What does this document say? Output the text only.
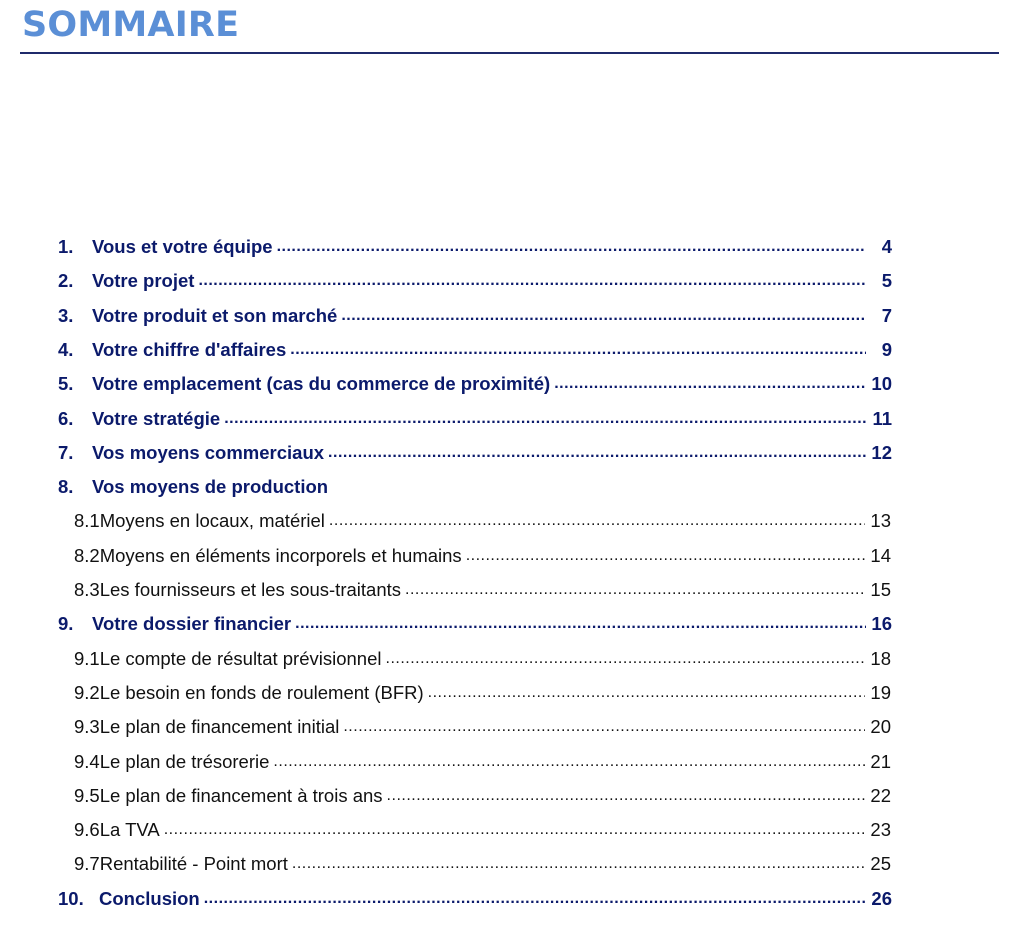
SOMMAIRE
1.	Vous et votre équipe .....	4
2.	Votre projet .....	5
3.	Votre produit et son marché .....	7
4.	Votre chiffre d'affaires .....	9
5.	Votre emplacement (cas du commerce de proximité) .....	10
6.	Votre stratégie .....	11
7.	Vos moyens commerciaux .....	12
8.	Vos moyens de production
8.1 Moyens en locaux, matériel .....	13
8.2 Moyens en éléments incorporels et humains .....	14
8.3 Les fournisseurs et les sous-traitants .....	15
9.	Votre dossier financier .....	16
9.1 Le compte de résultat prévisionnel .....	18
9.2 Le besoin en fonds de roulement (BFR) .....	19
9.3 Le plan de financement initial .....	20
9.4 Le plan de trésorerie .....	21
9.5 Le plan de financement à trois ans .....	22
9.6 La TVA .....	23
9.7 Rentabilité - Point mort .....	25
10. Conclusion .....	26
